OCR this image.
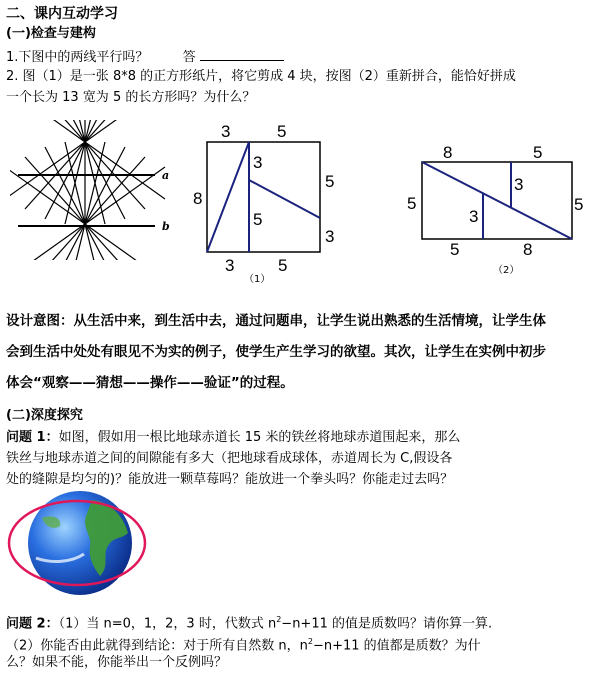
二、课内互动学习
(一)检查与建构
1.下图中的两线平行吗？	答
2. 图（1）是一张 8*8 的正方形纸片，将它剪成 4 块，按图（2）重新拼合，能恰好拼成
一个长为 13 宽为 5 的长方形吗？为什么？
a
b
3	5
8
3
5
5
3
3	5
（1）
8	5
5
3
3
5
5	8
（2）
设计意图：从生活中来，到生活中去，通过问题串，让学生说出熟悉的生活情境，让学生体
会到生活中处处有眼见不为实的例子，使学生产生学习的欲望。其次，让学生在实例中初步
体会“观察——猜想——操作——验证”的过程。
(二)深度探究
问题 1：如图，假如用一根比地球赤道长 15 米的铁丝将地球赤道围起来，那么
铁丝与地球赤道之间的间隙能有多大（把地球看成球体，赤道周长为 C,假设各
处的缝隙是均匀的)？能放进一颗草莓吗？能放进一个拳头吗？你能走过去吗？
问题 2：（1）当 n=0，1，2，3 时，代数式 $n^2-n+11$ 的值是质数吗？请你算一算.
（2）你能否由此就得到结论：对于所有自然数 n，$n^2-n+11$ 的值都是质数？为什
么？如果不能，你能举出一个反例吗？
